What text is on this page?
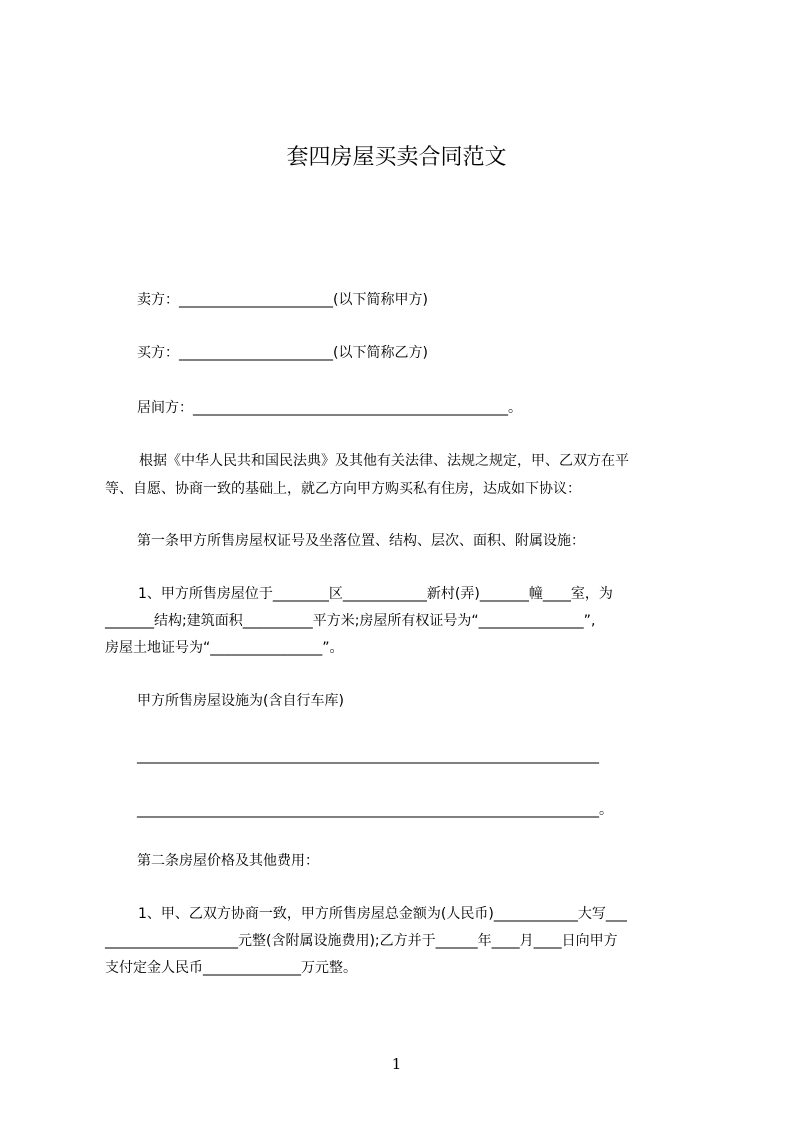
套四房屋买卖合同范文
卖方：______________________(以下简称甲方)
买方：______________________(以下简称乙方)
居间方：_____________________________________________。
根据《中华人民共和国民法典》及其他有关法律、法规之规定，甲、乙双方在平
等、自愿、协商一致的基础上，就乙方向甲方购买私有住房，达成如下协议：
第一条甲方所售房屋权证号及坐落位置、结构、层次、面积、附属设施：
1、甲方所售房屋位于________区____________新村(弄)_______幢____室，为
_______结构;建筑面积__________平方米;房屋所有权证号为“_______________”,
房屋土地证号为“________________”。
甲方所售房屋设施为(含自行车库)
__________________________________________________________________
__________________________________________________________________。
第二条房屋价格及其他费用：
1、甲、乙双方协商一致，甲方所售房屋总金额为(人民币)____________大写___
___________________元整(含附属设施费用);乙方并于______年____月____日向甲方
支付定金人民币______________万元整。
1
